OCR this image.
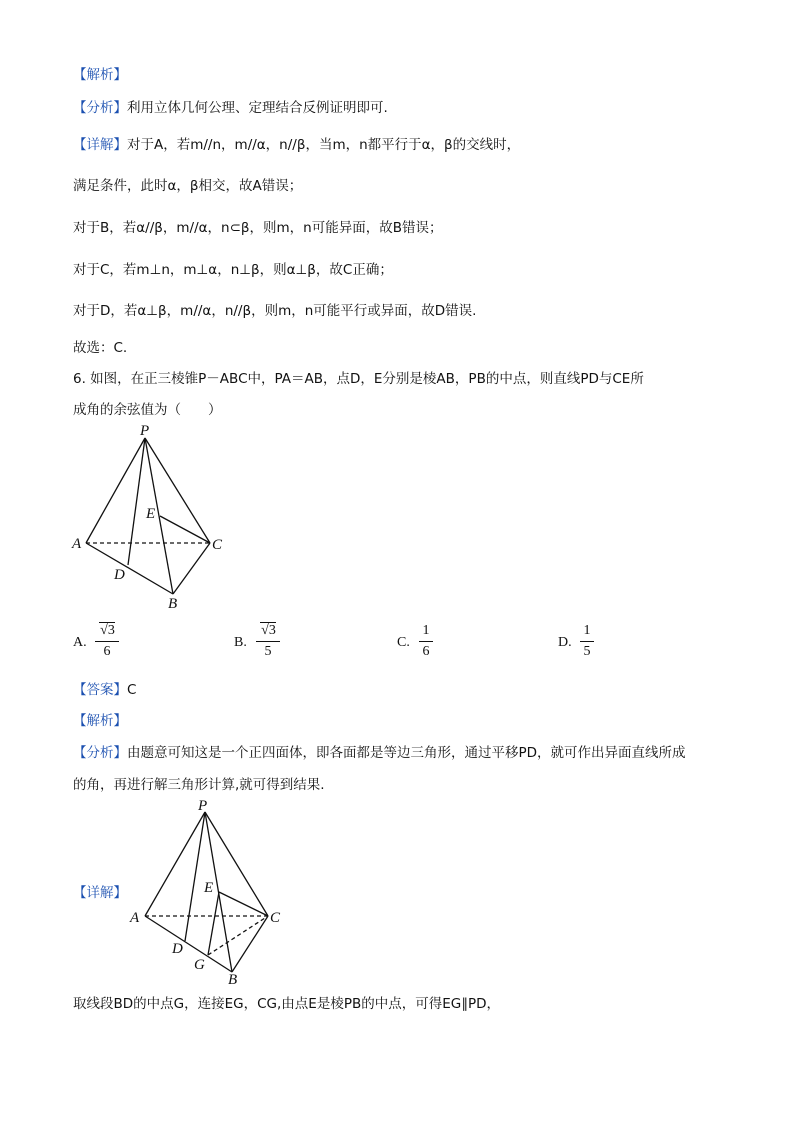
【解析】
【分析】利用立体几何公理、定理结合反例证明即可.
【详解】对于A，若m//n，m//α，n//β，当m，n都平行于α，β的交线时，
满足条件，此时α，β相交，故A错误；
对于B，若α//β，m//α，n⊂β，则m，n可能异面，故B错误；
对于C，若m⊥n，m⊥α，n⊥β，则α⊥β，故C正确；
对于D，若α⊥β，m//α，n//β，则m，n可能平行或异面，故D错误.
故选：C.
6. 如图，在正三棱锥P－ABC中，PA＝AB，点D，E分别是棱AB，PB的中点，则直线PD与CE所
成角的余弦值为（　　）
P
E
A	C
D
B
A.
√3
6
B.
√3
5
C.
1
6
D.
1
5
【答案】C
【解析】
【分析】由题意可知这是一个正四面体，即各面都是等边三角形，通过平移PD，就可作出异面直线所成
的角，再进行解三角形计算,就可得到结果.
【详解】
P
E
A	C
D
G
B
取线段BD的中点G，连接EG，CG,由点E是棱PB的中点，可得EG∥PD，
